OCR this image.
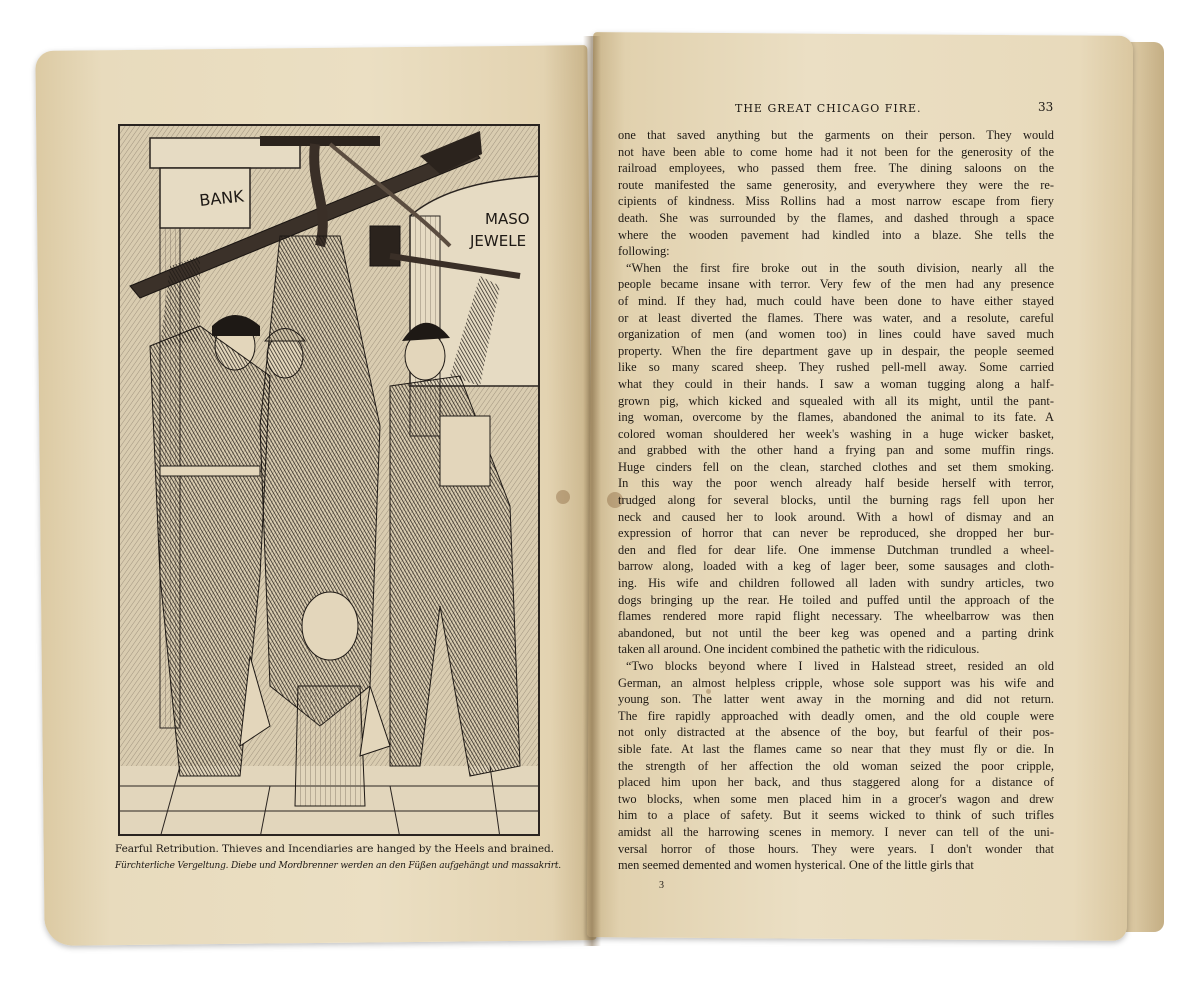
BANK
MASO
JEWELE
Fearful Retribution. Thieves and Incendiaries are hanged by the Heels and brained.
Fürchterliche Vergeltung. Diebe und Mordbrenner werden an den Füßen aufgehängt und massakrirt.
THE GREAT CHICAGO FIRE.	33
one that saved anything but the garments on their person. They would
not have been able to come home had it not been for the generosity of the
railroad employees, who passed them free. The dining saloons on the
route manifested the same generosity, and everywhere they were the re-
cipients of kindness. Miss Rollins had a most narrow escape from fiery
death. She was surrounded by the flames, and dashed through a space
where the wooden pavement had kindled into a blaze. She tells the
following:
“When the first fire broke out in the south division, nearly all the
people became insane with terror. Very few of the men had any presence
of mind. If they had, much could have been done to have either stayed
or at least diverted the flames. There was water, and a resolute, careful
organization of men (and women too) in lines could have saved much
property. When the fire department gave up in despair, the people seemed
like so many scared sheep. They rushed pell-mell away. Some carried
what they could in their hands. I saw a woman tugging along a half-
grown pig, which kicked and squealed with all its might, until the pant-
ing woman, overcome by the flames, abandoned the animal to its fate. A
colored woman shouldered her week's washing in a huge wicker basket,
and grabbed with the other hand a frying pan and some muffin rings.
Huge cinders fell on the clean, starched clothes and set them smoking.
In this way the poor wench already half beside herself with terror,
trudged along for several blocks, until the burning rags fell upon her
neck and caused her to look around. With a howl of dismay and an
expression of horror that can never be reproduced, she dropped her bur-
den and fled for dear life. One immense Dutchman trundled a wheel-
barrow along, loaded with a keg of lager beer, some sausages and cloth-
ing. His wife and children followed all laden with sundry articles, two
dogs bringing up the rear. He toiled and puffed until the approach of the
flames rendered more rapid flight necessary. The wheelbarrow was then
abandoned, but not until the beer keg was opened and a parting drink
taken all around. One incident combined the pathetic with the ridiculous.
“Two blocks beyond where I lived in Halstead street, resided an old
German, an almost helpless cripple, whose sole support was his wife and
young son. The latter went away in the morning and did not return.
The fire rapidly approached with deadly omen, and the old couple were
not only distracted at the absence of the boy, but fearful of their pos-
sible fate. At last the flames came so near that they must fly or die. In
the strength of her affection the old woman seized the poor cripple,
placed him upon her back, and thus staggered along for a distance of
two blocks, when some men placed him in a grocer's wagon and drew
him to a place of safety. But it seems wicked to think of such trifles
amidst all the harrowing scenes in memory. I never can tell of the uni-
versal horror of those hours. They were years. I don't wonder that
men seemed demented and women hysterical. One of the little girls that
3
